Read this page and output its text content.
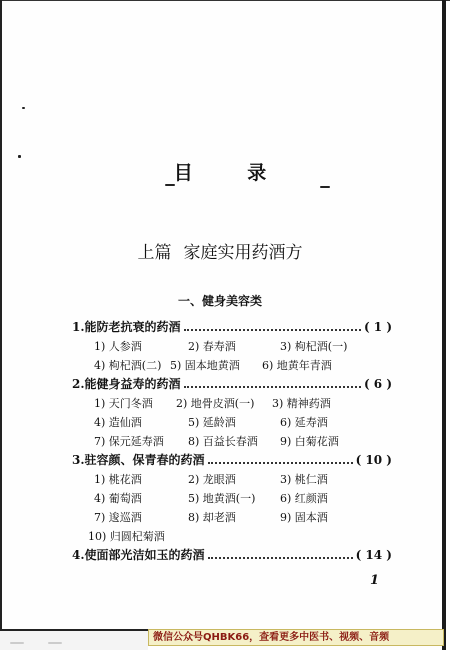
目 录
上篇 家庭实用药酒方
一、健身美容类
1.能防老抗衰的药酒	( 1 )
1) 人参酒	2) 春寿酒	3) 枸杞酒(一)
4) 枸杞酒(二) 5) 固本地黄酒 6) 地黄年青酒
2.能健身益寿的药酒	( 6 )
1) 天门冬酒 2) 地骨皮酒(一) 3) 精神药酒
4) 造仙酒	5) 延龄酒	6) 延寿酒
7) 保元延寿酒 8) 百益长春酒 9) 白菊花酒
3.驻容颜、保青春的药酒	( 10 )
1) 桃花酒	2) 龙眼酒	3) 桃仁酒
4) 葡萄酒	5) 地黄酒(一) 6) 红颜酒
7) 逡巡酒	8) 却老酒	9) 固本酒
10) 归圆杞菊酒
4.使面部光洁如玉的药酒	( 14 )
1
微信公众号QHBK66，查看更多中医书、视频、音频
